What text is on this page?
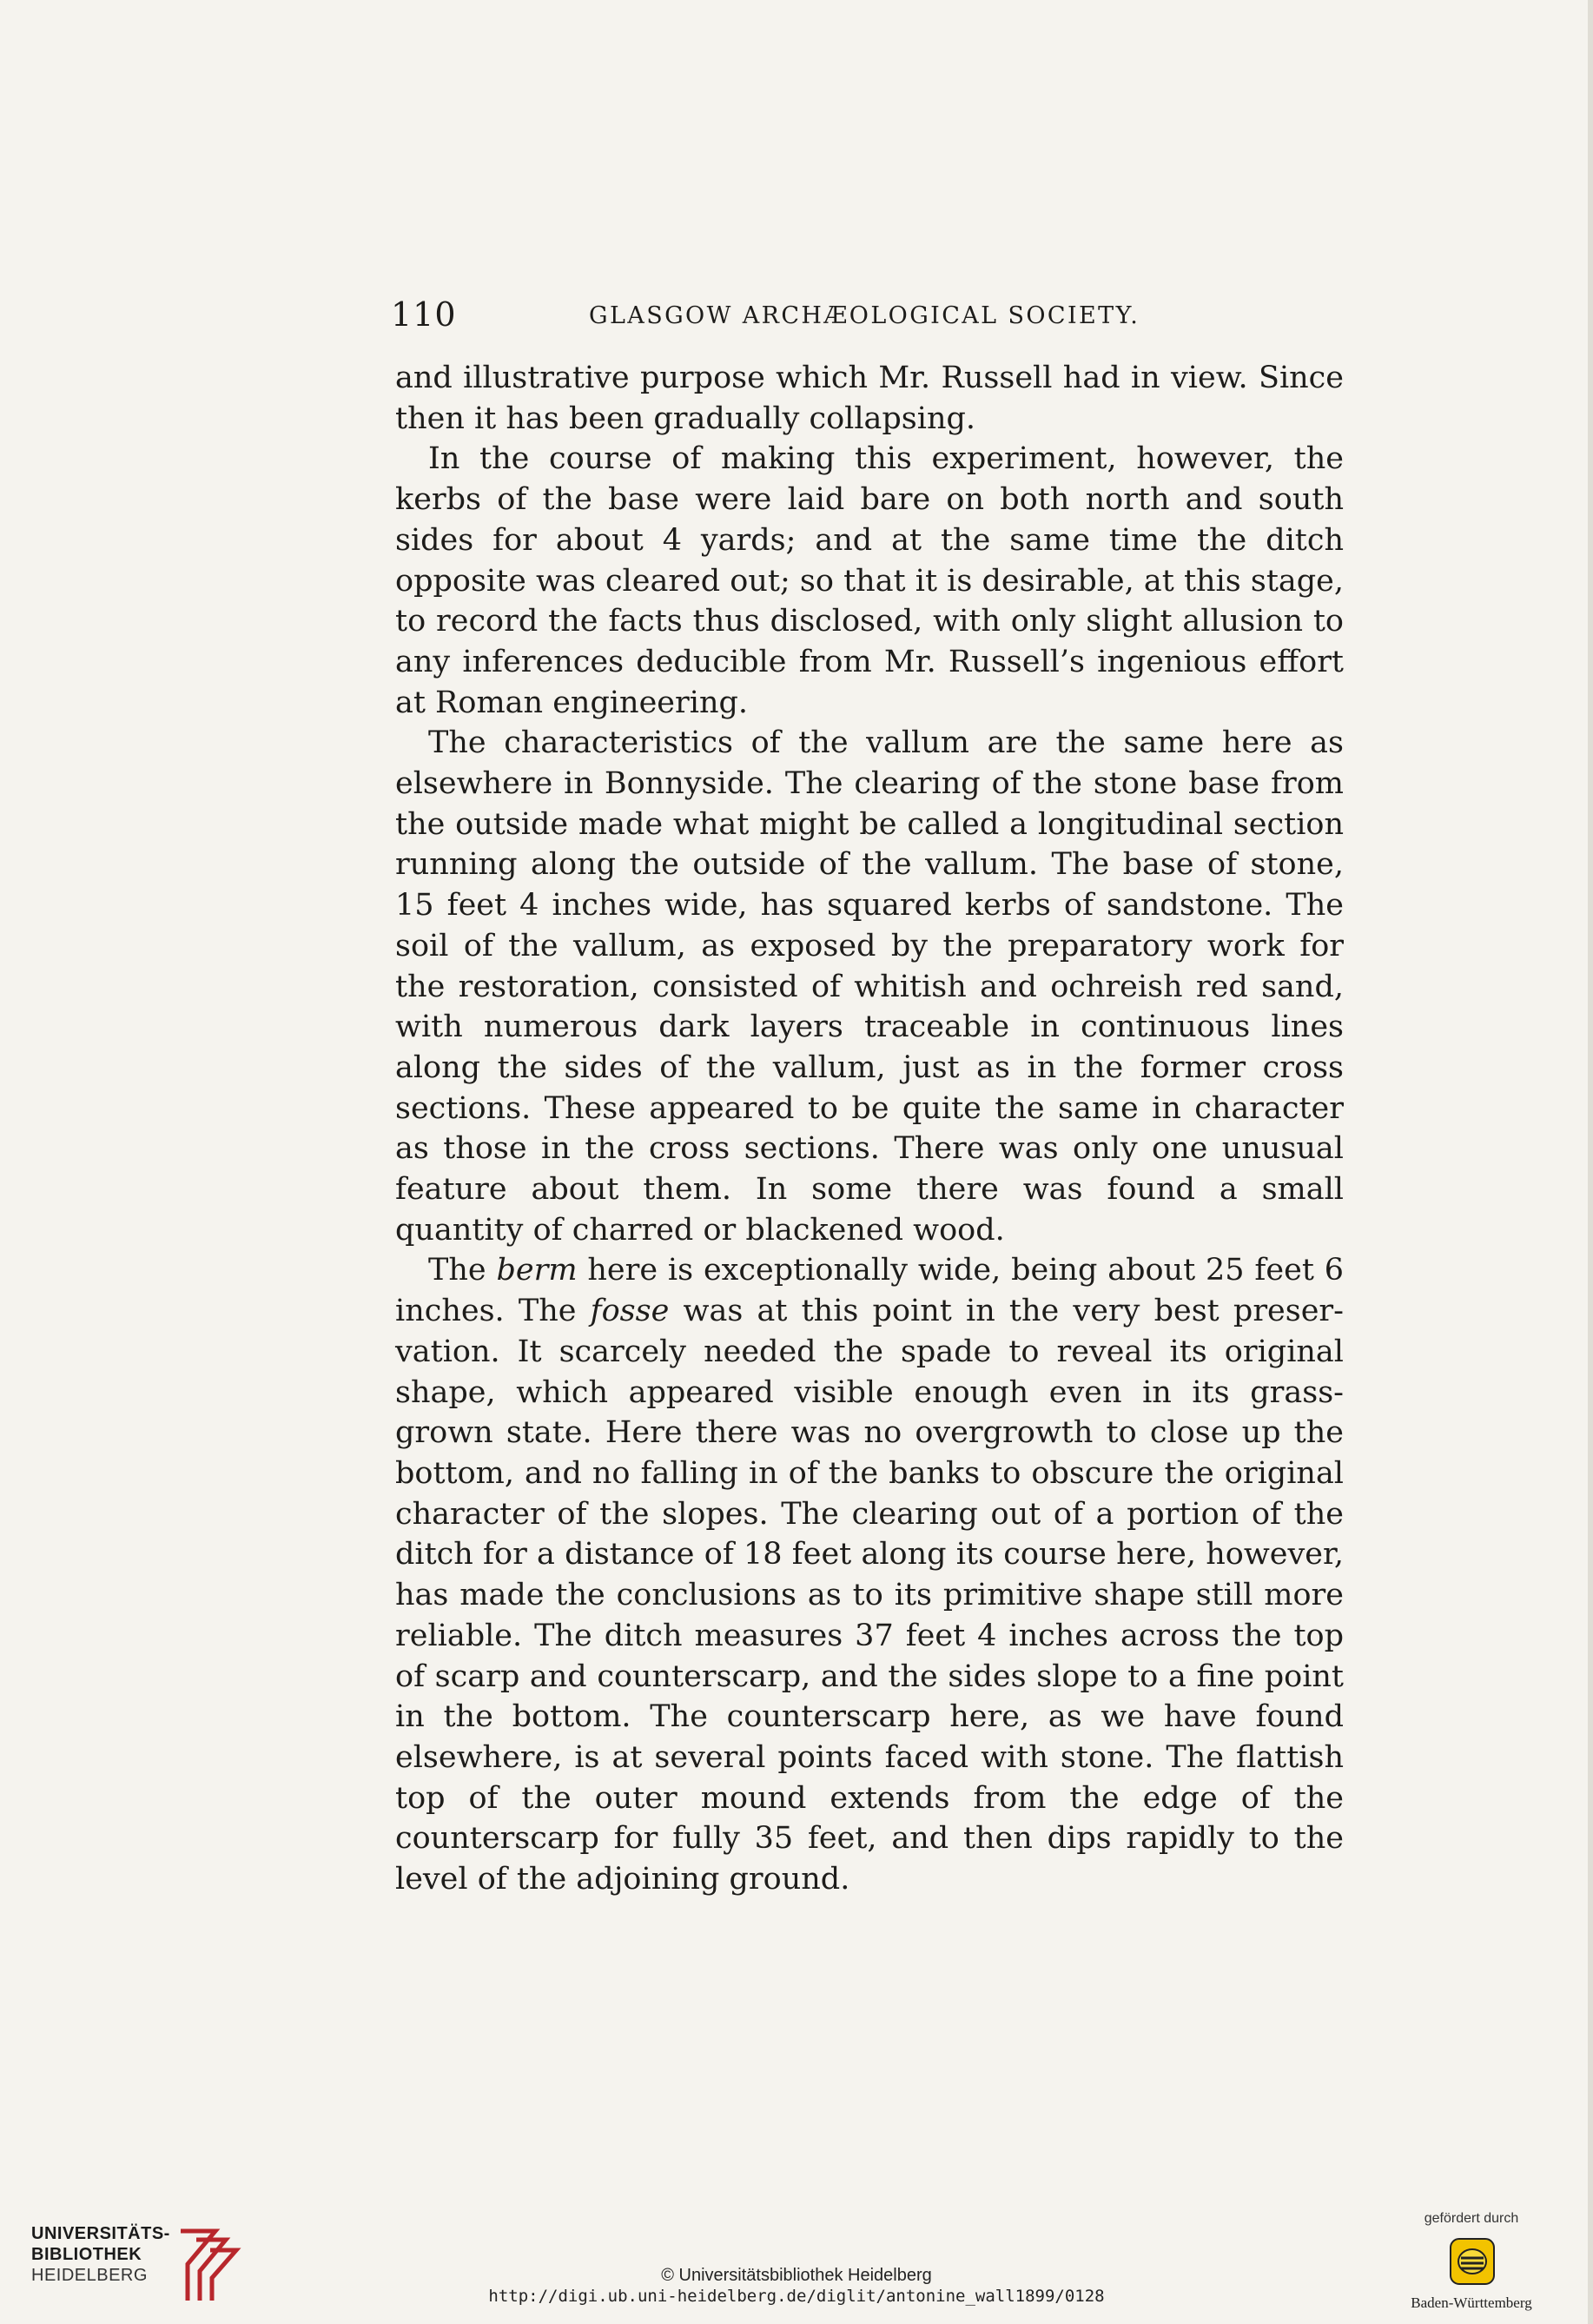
110	GLASGOW ARCHÆOLOGICAL SOCIETY.

and illustrative purpose which Mr. Russell had in view. Since then it has been gradually collapsing.

In the course of making this experiment, however, the kerbs of the base were laid bare on both north and south sides for about 4 yards; and at the same time the ditch opposite was cleared out; so that it is desirable, at this stage, to record the facts thus disclosed, with only slight allusion to any inferences deducible from Mr. Russell’s ingenious effort at Roman engineering.

The characteristics of the vallum are the same here as elsewhere in Bonnyside. The clearing of the stone base from the outside made what might be called a longitudinal section running along the outside of the vallum. The base of stone, 15 feet 4 inches wide, has squared kerbs of sandstone. The soil of the vallum, as exposed by the preparatory work for the restoration, consisted of whitish and ochreish red sand, with numerous dark layers traceable in continuous lines along the sides of the vallum, just as in the former cross sections. These appeared to be quite the same in character as those in the cross sections. There was only one unusual feature about them. In some there was found a small quantity of charred or blackened wood.

The berm here is exceptionally wide, being about 25 feet 6 inches. The fosse was at this point in the very best preservation. It scarcely needed the spade to reveal its original shape, which appeared visible enough even in its grass-grown state. Here there was no overgrowth to close up the bottom, and no falling in of the banks to obscure the original character of the slopes. The clearing out of a portion of the ditch for a distance of 18 feet along its course here, however, has made the conclusions as to its primitive shape still more reliable. The ditch measures 37 feet 4 inches across the top of scarp and counterscarp, and the sides slope to a fine point in the bottom. The counterscarp here, as we have found elsewhere, is at several points faced with stone. The flattish top of the outer mound extends from the edge of the counterscarp for fully 35 feet, and then dips rapidly to the level of the adjoining ground.

UNIVERSITÄTS-
BIBLIOTHEK
HEIDELBERG	© Universitätsbibliothek Heidelberg
http://digi.ub.uni-heidelberg.de/diglit/antonine_wall1899/0128
gefördert durch
Baden-Württemberg
